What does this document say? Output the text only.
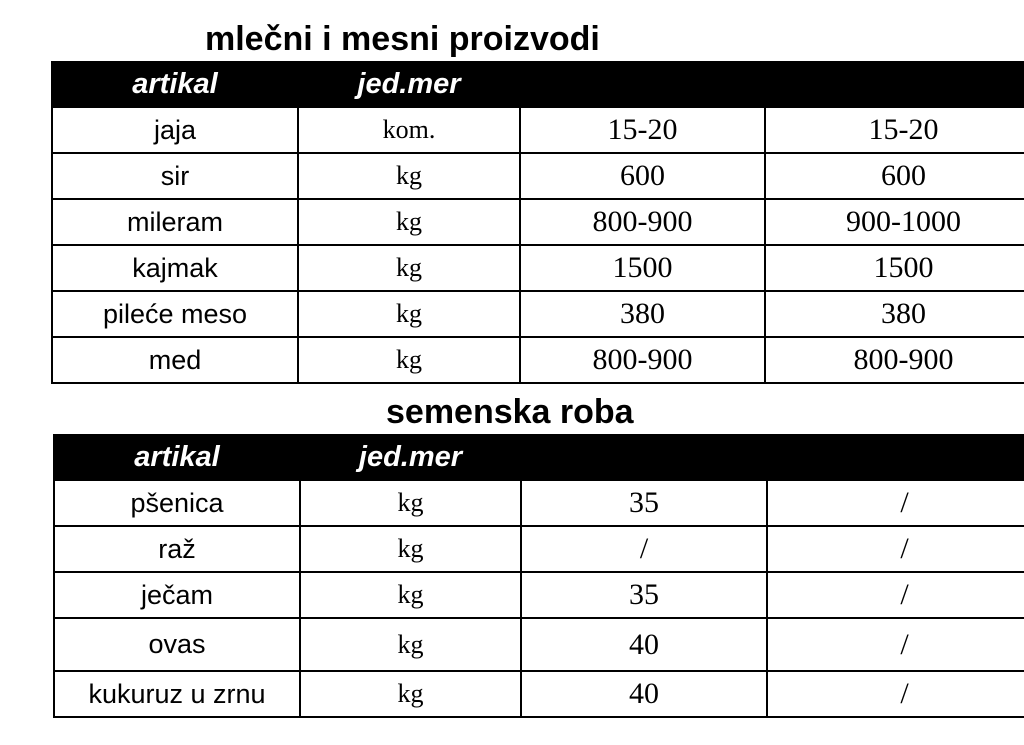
mlečni i mesni proizvodi
artikal	jed.mer		
jaja	kom.	15-20	15-20
sir	kg	600	600
mileram	kg	800-900	900-1000
kajmak	kg	1500	1500
pileće meso	kg	380	380
med	kg	800-900	800-900
semenska roba
artikal	jed.mer		
pšenica	kg	35	/
raž	kg	/	/
ječam	kg	35	/
ovas	kg	40	/
kukuruz u zrnu	kg	40	/
